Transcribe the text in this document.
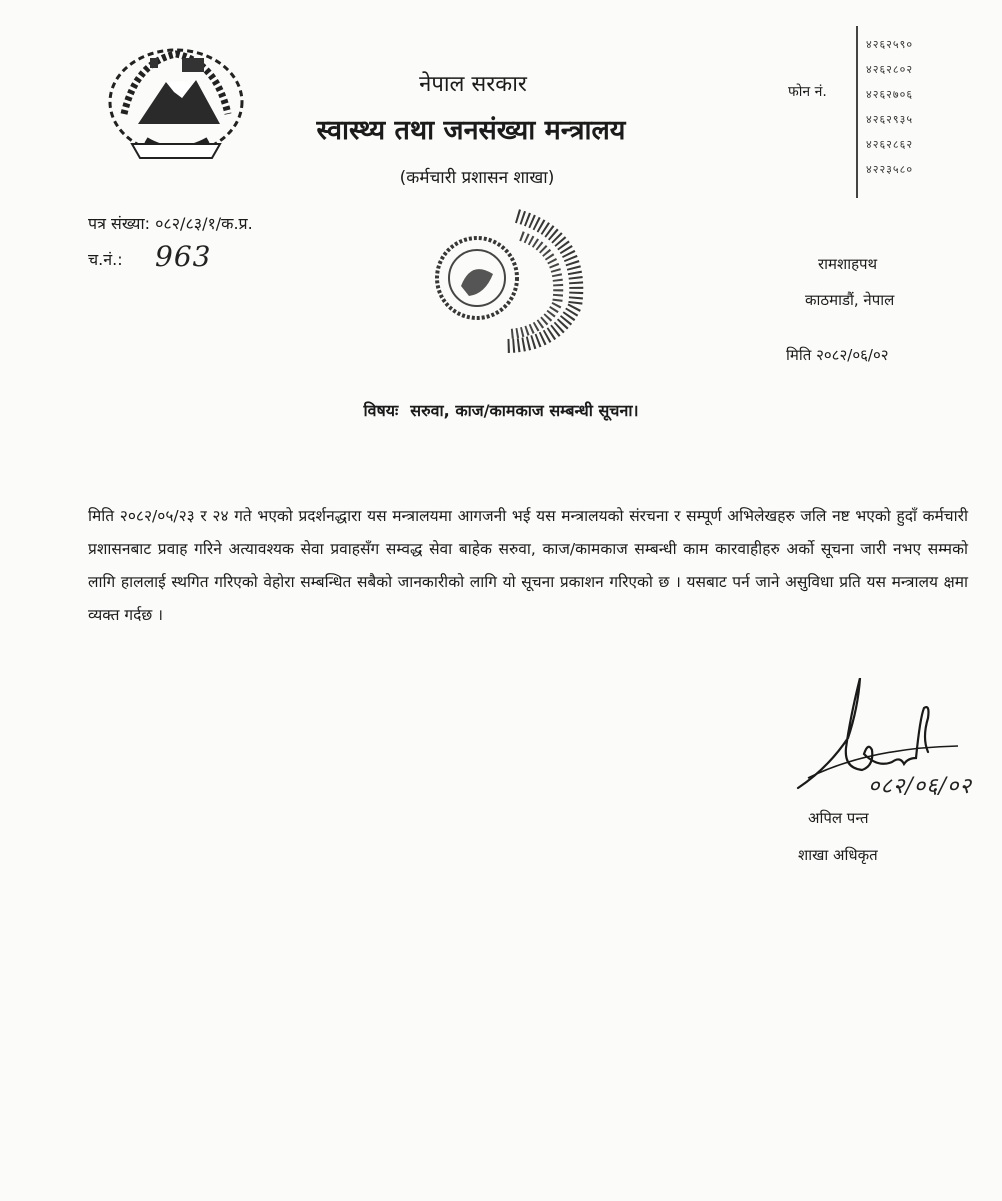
नेपाल सरकार
स्वास्थ्य तथा जनसंख्या मन्त्रालय
(कर्मचारी प्रशासन शाखा)
फोन नं.
४२६२५९०
४२६२८०२
४२६२७०६
४२६२९३५
४२६२८६२
४२२३५८०
पत्र संख्या: ०८२/८३/१/क.प्र.
च.नं.: 963	रामशाहपथ
काठमाडौं, नेपाल
मिति २०८२/०६/०२
विषयः सरुवा, काज/कामकाज सम्बन्धी सूचना।
मिति २०८२/०५/२३ र २४ गते भएको प्रदर्शनद्धारा यस मन्त्रालयमा आगजनी भई यस मन्त्रालयको संरचना र सम्पूर्ण अभिलेखहरु जलि नष्ट भएको हुदाँ कर्मचारी प्रशासनबाट प्रवाह गरिने अत्यावश्यक सेवा प्रवाहसँग सम्वद्ध सेवा बाहेक सरुवा, काज/कामकाज सम्बन्धी काम कारवाहीहरु अर्को सूचना जारी नभए सम्मको लागि हाललाई स्थगित गरिएको वेहोरा सम्बन्धित सबैको जानकारीको लागि यो सूचना प्रकाशन गरिएको छ । यसबाट पर्न जाने असुविधा प्रति यस मन्त्रालय क्षमा व्यक्त गर्दछ ।
०८२/०६/०२
अपिल पन्त
शाखा अधिकृत
